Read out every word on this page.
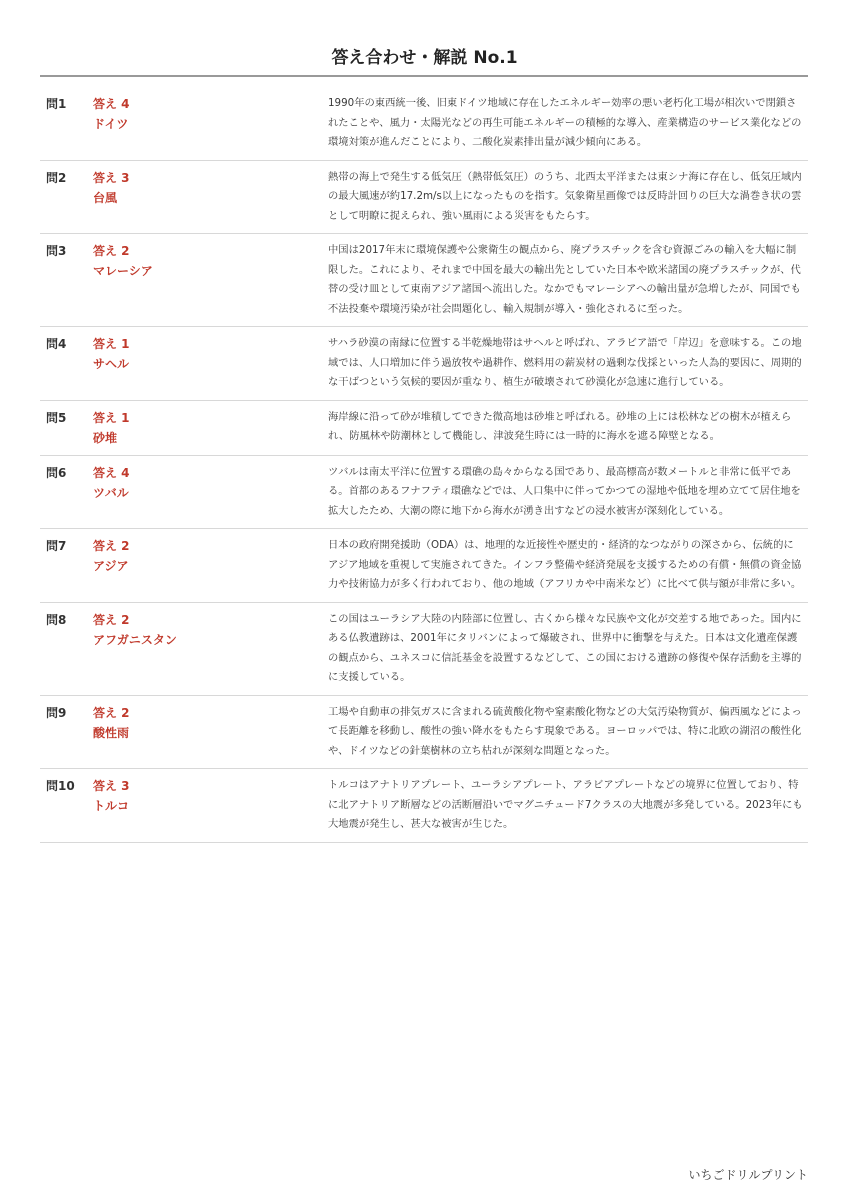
答え合わせ・解説 No.1
問1	答え 4
ドイツ
1990年の東西統一後、旧東ドイツ地域に存在したエネルギー効率の悪い老朽化工場が相次いで閉鎖されたことや、風力・太陽光などの再生可能エネルギーの積極的な導入、産業構造のサービス業化などの環境対策が進んだことにより、二酸化炭素排出量が減少傾向にある。
問2	答え 3
台風
熱帯の海上で発生する低気圧（熱帯低気圧）のうち、北西太平洋または東シナ海に存在し、低気圧域内の最大風速が約17.2m/s以上になったものを指す。気象衛星画像では反時計回りの巨大な渦巻き状の雲として明瞭に捉えられ、強い風雨による災害をもたらす。
問3	答え 2
マレーシア
中国は2017年末に環境保護や公衆衛生の観点から、廃プラスチックを含む資源ごみの輸入を大幅に制限した。これにより、それまで中国を最大の輸出先としていた日本や欧米諸国の廃プラスチックが、代替の受け皿として東南アジア諸国へ流出した。なかでもマレーシアへの輸出量が急増したが、同国でも不法投棄や環境汚染が社会問題化し、輸入規制が導入・強化されるに至った。
問4	答え 1
サヘル
サハラ砂漠の南縁に位置する半乾燥地帯はサヘルと呼ばれ、アラビア語で「岸辺」を意味する。この地域では、人口増加に伴う過放牧や過耕作、燃料用の薪炭材の過剰な伐採といった人為的要因に、周期的な干ばつという気候的要因が重なり、植生が破壊されて砂漠化が急速に進行している。
問5	答え 1
砂堆
海岸線に沿って砂が堆積してできた微高地は砂堆と呼ばれる。砂堆の上には松林などの樹木が植えられ、防風林や防潮林として機能し、津波発生時には一時的に海水を遮る障壁となる。
問6	答え 4
ツバル
ツバルは南太平洋に位置する環礁の島々からなる国であり、最高標高が数メートルと非常に低平である。首都のあるフナフティ環礁などでは、人口集中に伴ってかつての湿地や低地を埋め立てて居住地を拡大したため、大潮の際に地下から海水が湧き出すなどの浸水被害が深刻化している。
問7	答え 2
アジア
日本の政府開発援助（ODA）は、地理的な近接性や歴史的・経済的なつながりの深さから、伝統的にアジア地域を重視して実施されてきた。インフラ整備や経済発展を支援するための有償・無償の資金協力や技術協力が多く行われており、他の地域（アフリカや中南米など）に比べて供与額が非常に多い。
問8	答え 2
アフガニスタン
この国はユーラシア大陸の内陸部に位置し、古くから様々な民族や文化が交差する地であった。国内にある仏教遺跡は、2001年にタリバンによって爆破され、世界中に衝撃を与えた。日本は文化遺産保護の観点から、ユネスコに信託基金を設置するなどして、この国における遺跡の修復や保存活動を主導的に支援している。
問9	答え 2
酸性雨
工場や自動車の排気ガスに含まれる硫黄酸化物や窒素酸化物などの大気汚染物質が、偏西風などによって長距離を移動し、酸性の強い降水をもたらす現象である。ヨーロッパでは、特に北欧の湖沼の酸性化や、ドイツなどの針葉樹林の立ち枯れが深刻な問題となった。
問10	答え 3
トルコ
トルコはアナトリアプレート、ユーラシアプレート、アラビアプレートなどの境界に位置しており、特に北アナトリア断層などの活断層沿いでマグニチュード7クラスの大地震が多発している。2023年にも大地震が発生し、甚大な被害が生じた。
いちごドリルプリント
